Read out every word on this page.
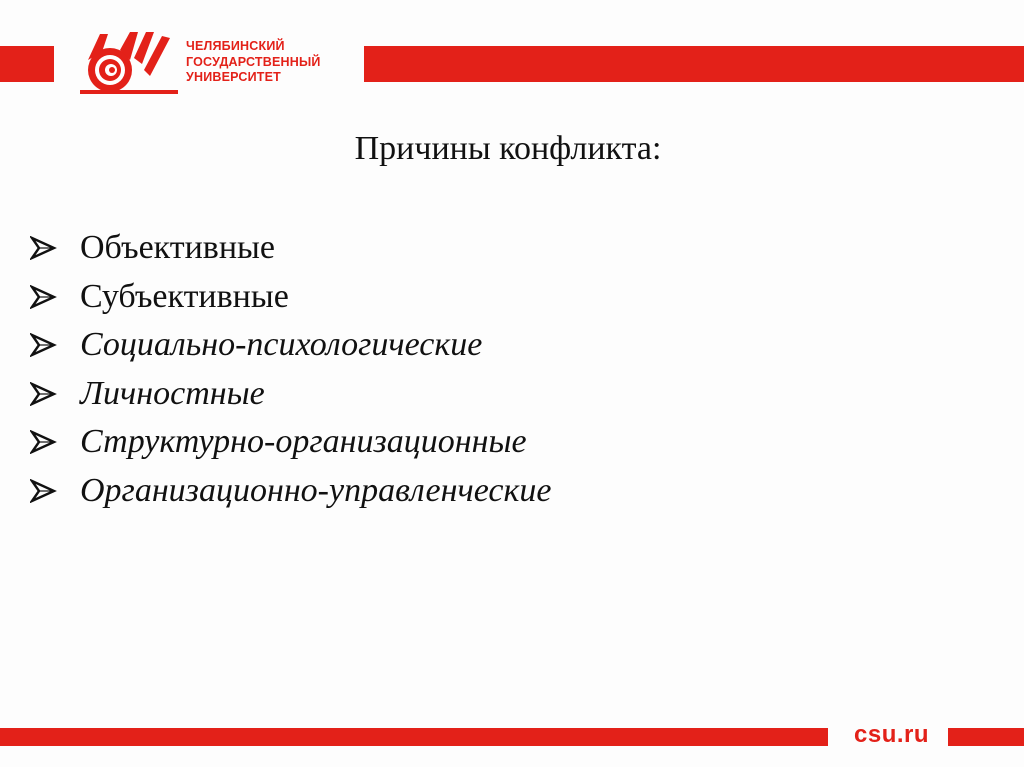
ЧЕЛЯБИНСКИЙ
ГОСУДАРСТВЕННЫЙ
УНИВЕРСИТЕТ
Причины конфликта:
Объективные
Субъективные
Социально-психологические
Личностные
Структурно-организационные
Организационно-управленческие
csu.ru
